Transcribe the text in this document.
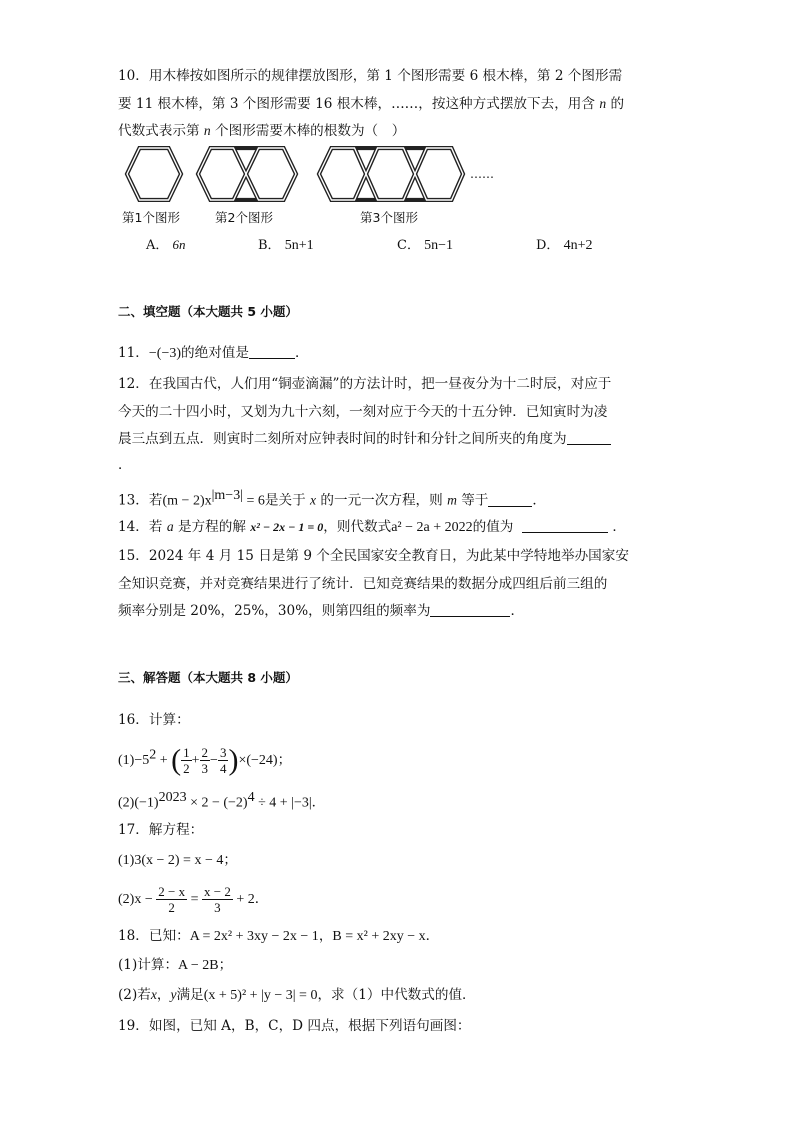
10．用木棒按如图所示的规律摆放图形，第 1 个图形需要 6 根木棒，第 2 个图形需
要 11 根木棒，第 3 个图形需要 16 根木棒，……，按这种方式摆放下去，用含 n 的
代数式表示第 n 个图形需要木棒的根数为（　）
……
第1个图形	第2个图形	第3个图形
A． 6n	B． 5n+1	C． 5n−1	D． 4n+2
二、填空题（本大题共 5 小题）
11．−(−3)的绝对值是	．
12．在我国古代，人们用“铜壶滴漏”的方法计时，把一昼夜分为十二时辰，对应于
今天的二十四小时，又划为九十六刻，一刻对应于今天的十五分钟．已知寅时为凌
晨三点到五点．则寅时二刻所对应钟表时间的时针和分针之间所夹的角度为
．
13．若$(m - 2)x^{|m-3|} = 6$是关于 x 的一元一次方程，则 m 等于	．
14．若 a 是方程的解 x² − 2x − 1 = 0，则代数式a² − 2a + 2022的值为	．
15．2024 年 4 月 15 日是第 9 个全民国家安全教育日，为此某中学特地举办国家安
全知识竞赛，并对竞赛结果进行了统计．已知竞赛结果的数据分成四组后前三组的
频率分别是 20%，25%，30%，则第四组的频率为	．
三、解答题（本大题共 8 小题）
16．计算：
$(1)-5^2$ + ( $\frac{1}{2} + \frac{2}{3} - \frac{3}{4} )\times(-24)$；
$(2)(-1)^{2023} \times 2 - (-2)^4 \div 4 + |-3|$．
17．解方程：
(1)3(x − 2) = x − 4；
$(2)x - \frac{2 - x}{2} = \frac{x - 2}{3} + 2$．
18．已知：A = 2x² + 3xy − 2x − 1，B = x² + 2xy − x．
(1)计算：A − 2B；
(2)若x，y满足(x + 5)² + |y − 3| = 0，求（1）中代数式的值．
19．如图，已知 A，B，C，D 四点，根据下列语句画图：
